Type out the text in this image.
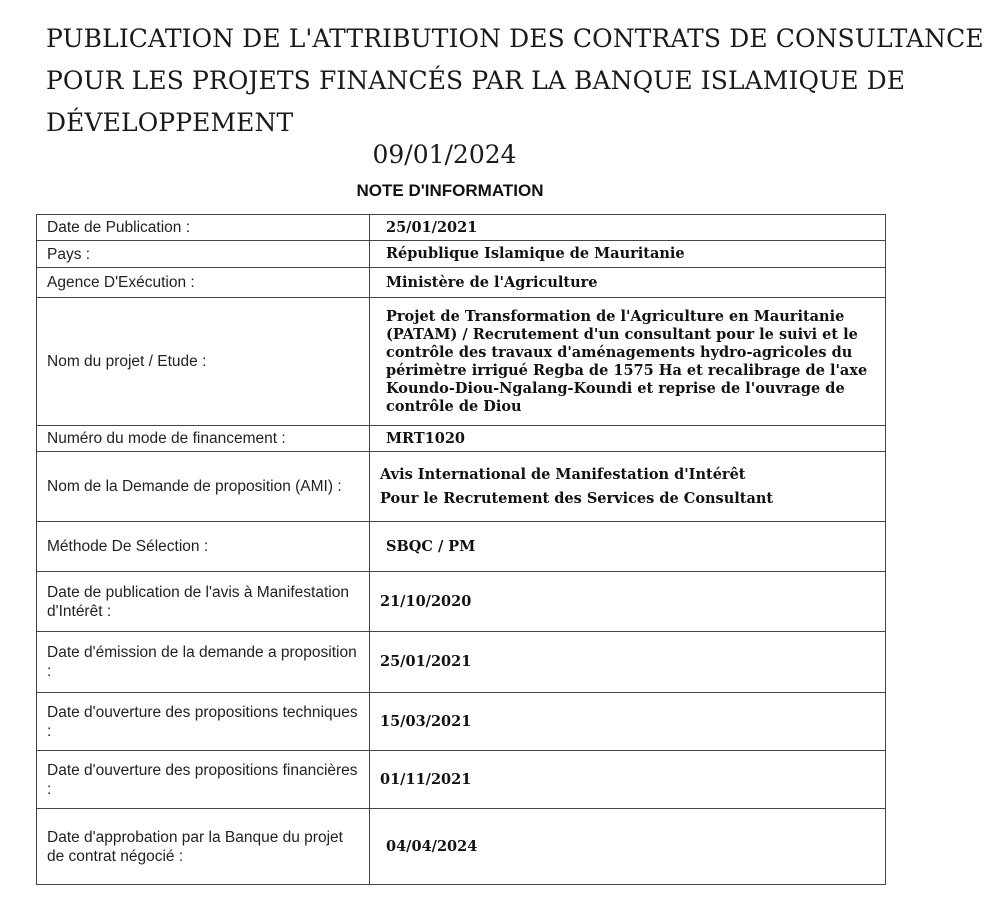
PUBLICATION DE L'ATTRIBUTION DES CONTRATS DE CONSULTANCE
POUR LES PROJETS FINANCÉS PAR LA BANQUE ISLAMIQUE DE
DÉVELOPPEMENT
09/01/2024
NOTE D'INFORMATION
Date de Publication :	25/01/2021
Pays :	République Islamique de Mauritanie
Agence D'Exécution :	Ministère de l'Agriculture
Nom du projet / Etude :	Projet de Transformation de l'Agriculture en Mauritanie (PATAM) / Recrutement d'un consultant pour le suivi et le contrôle des travaux d'aménagements hydro-agricoles du périmètre irrigué Regba de 1575 Ha et recalibrage de l'axe Koundo-Diou-Ngalang-Koundi et reprise de l'ouvrage de contrôle de Diou
Numéro du mode de financement :	MRT1020
Nom de la Demande de proposition (AMI) :	Avis International de Manifestation d'Intérêt
Pour le Recrutement des Services de Consultant

Méthode De Sélection :	SBQC / PM
Date de publication de l'avis à Manifestation d'Intérêt :	21/10/2020
Date d'émission de la demande a proposition :	25/01/2021
Date d'ouverture des propositions techniques :	15/03/2021
Date d'ouverture des propositions financières :	01/11/2021
Date d'approbation par la Banque du projet de contrat négocié :	04/04/2024
